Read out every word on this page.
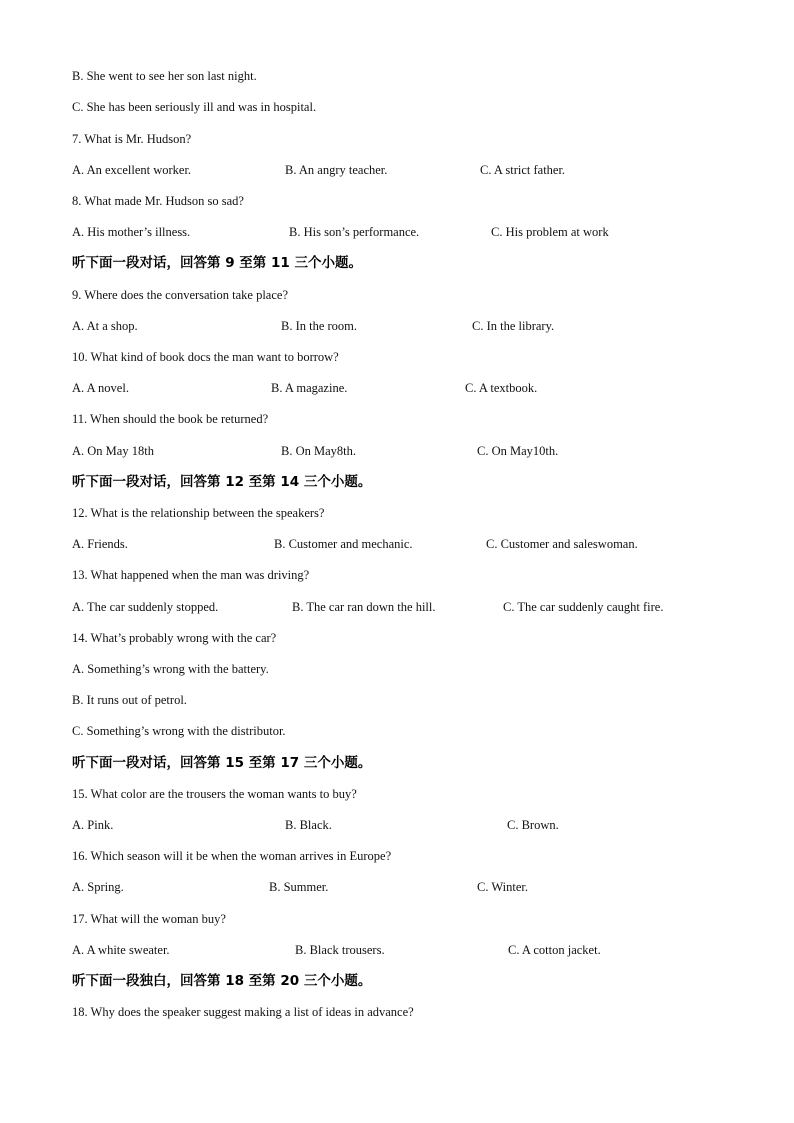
B. She went to see her son last night.
C. She has been seriously ill and was in hospital.
7. What is Mr. Hudson?
A. An excellent worker.	B. An angry teacher.	C. A strict father.
8. What made Mr. Hudson so sad?
A. His mother’s illness.	B. His son’s performance.	C. His problem at work
听下面一段对话，回答第 9 至第 11 三个小题。
9. Where does the conversation take place?
A. At a shop.	B. In the room.	C. In the library.
10. What kind of book docs the man want to borrow?
A. A novel.	B. A magazine.	C. A textbook.
11. When should the book be returned?
A. On May 18th	B. On May8th.	C. On May10th.
听下面一段对话，回答第 12 至第 14 三个小题。
12. What is the relationship between the speakers?
A. Friends.	B. Customer and mechanic.	C. Customer and saleswoman.
13. What happened when the man was driving?
A. The car suddenly stopped.	B. The car ran down the hill.	C. The car suddenly caught fire.
14. What’s probably wrong with the car?
A. Something’s wrong with the battery.
B. It runs out of petrol.
C. Something’s wrong with the distributor.
听下面一段对话，回答第 15 至第 17 三个小题。
15. What color are the trousers the woman wants to buy?
A. Pink.	B. Black.	C. Brown.
16. Which season will it be when the woman arrives in Europe?
A. Spring.	B. Summer.	C. Winter.
17. What will the woman buy?
A. A white sweater.	B. Black trousers.	C. A cotton jacket.
听下面一段独白，回答第 18 至第 20 三个小题。
18. Why does the speaker suggest making a list of ideas in advance?
